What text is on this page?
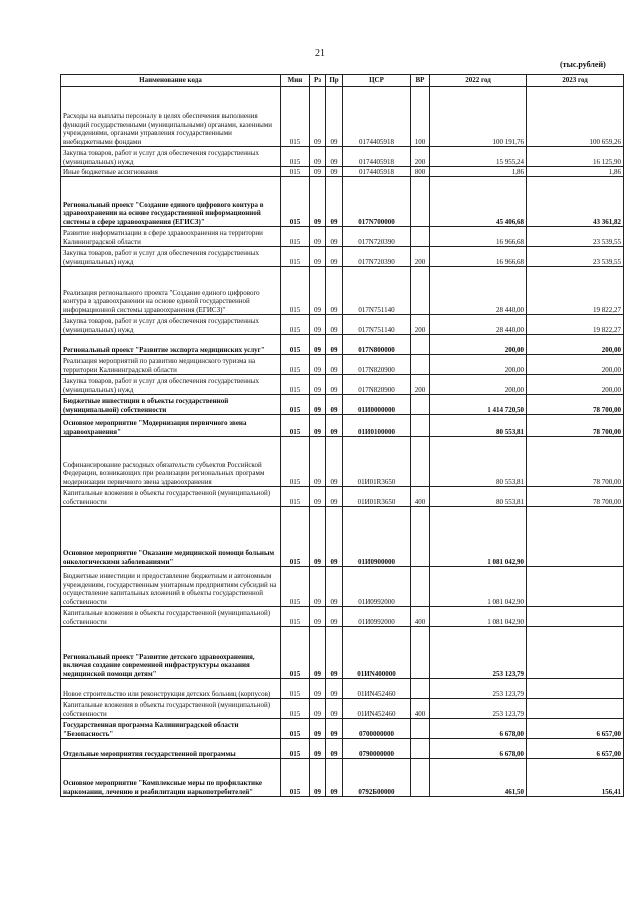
21
(тыс.рублей)
Наименование кода	Мин	Рз	Пр	ЦСР	ВР	2022 год	2023 год
Расходы на выплаты персоналу в целях обеспечения выполнения функций государственными (муниципальными) органами, казенными учреждениями, органами управления государственными внебюджетными фондами	015	09	09	0174405918	100	100 191,76	100 659,26
Закупка товаров, работ и услуг для обеспечения государственных (муниципальных) нужд	015	09	09	0174405918	200	15 955,24	16 125,90
Иные бюджетные ассигнования	015	09	09	0174405918	800	1,86	1,86
Региональный проект "Создание единого цифрового контура в здравоохранении на основе государственной информационной системы в сфере здравоохранения (ЕГИСЗ)"	015	09	09	017N700000		45 406,68	43 361,82
Развитие информатизации в сфере здравоохранения на территории Калининградской области	015	09	09	017N720390		16 966,68	23 539,55
Закупка товаров, работ и услуг для обеспечения государственных (муниципальных) нужд	015	09	09	017N720390	200	16 966,68	23 539,55
Реализация регионального проекта "Создание единого цифрового контура в здравоохранении на основе единой государственной информационной системы здравоохранения (ЕГИСЗ)"	015	09	09	017N751140		28 440,00	19 822,27
Закупка товаров, работ и услуг для обеспечения государственных (муниципальных) нужд	015	09	09	017N751140	200	28 440,00	19 822,27
Региональный проект "Развитие экспорта медицинских услуг"	015	09	09	017N800000		200,00	200,00
Реализация мероприятий по развитию медицинского туризма на территории Калининградской области	015	09	09	017N820900		200,00	200,00
Закупка товаров, работ и услуг для обеспечения государственных (муниципальных) нужд	015	09	09	017N820900	200	200,00	200,00
Бюджетные инвестиции в объекты государственной (муниципальной) собственности	015	09	09	01И0000000		1 414 720,50	78 700,00
Основное мероприятие "Модернизация первичного звена здравоохранения"	015	09	09	01И0100000		80 553,81	78 700,00
Софинансирование расходных обязательств субъектов Российской Федерации, возникающих при реализации региональных программ модернизации первичного звена здравоохранения	015	09	09	01И01R3650		80 553,81	78 700,00
Капитальные вложения в объекты государственной (муниципальной) собственности	015	09	09	01И01R3650	400	80 553,81	78 700,00
Основное мероприятие "Оказание медицинской помощи больным онкологическими заболеваниями"	015	09	09	01И0900000		1 081 042,90	
Бюджетные инвестиции и предоставление бюджетным и автономным учреждениям, государственным унитарным предприятиям субсидий на осуществление капитальных вложений в объекты государственной собственности	015	09	09	01И0992000		1 081 042,90	
Капитальные вложения в объекты государственной (муниципальной) собственности	015	09	09	01И0992000	400	1 081 042,90	
Региональный проект "Развитие детского здравоохранения, включая создание современной инфраструктуры оказания медицинской помощи детям"	015	09	09	01ИN400000		253 123,79	
Новое строительство или реконструкция детских больниц (корпусов)	015	09	09	01ИN452460		253 123,79	
Капитальные вложения в объекты государственной (муниципальной) собственности	015	09	09	01ИN452460	400	253 123,79	
Государственная программа Калининградской области "Безопасность"	015	09	09	0700000000		6 678,00	6 657,00
Отдельные мероприятия государственной программы	015	09	09	0790000000		6 678,00	6 657,00
Основное мероприятие "Комплексные меры по профилактике наркомании, лечению и реабилитации наркопотребителей"	015	09	09	0792Б00000		461,50	156,41
